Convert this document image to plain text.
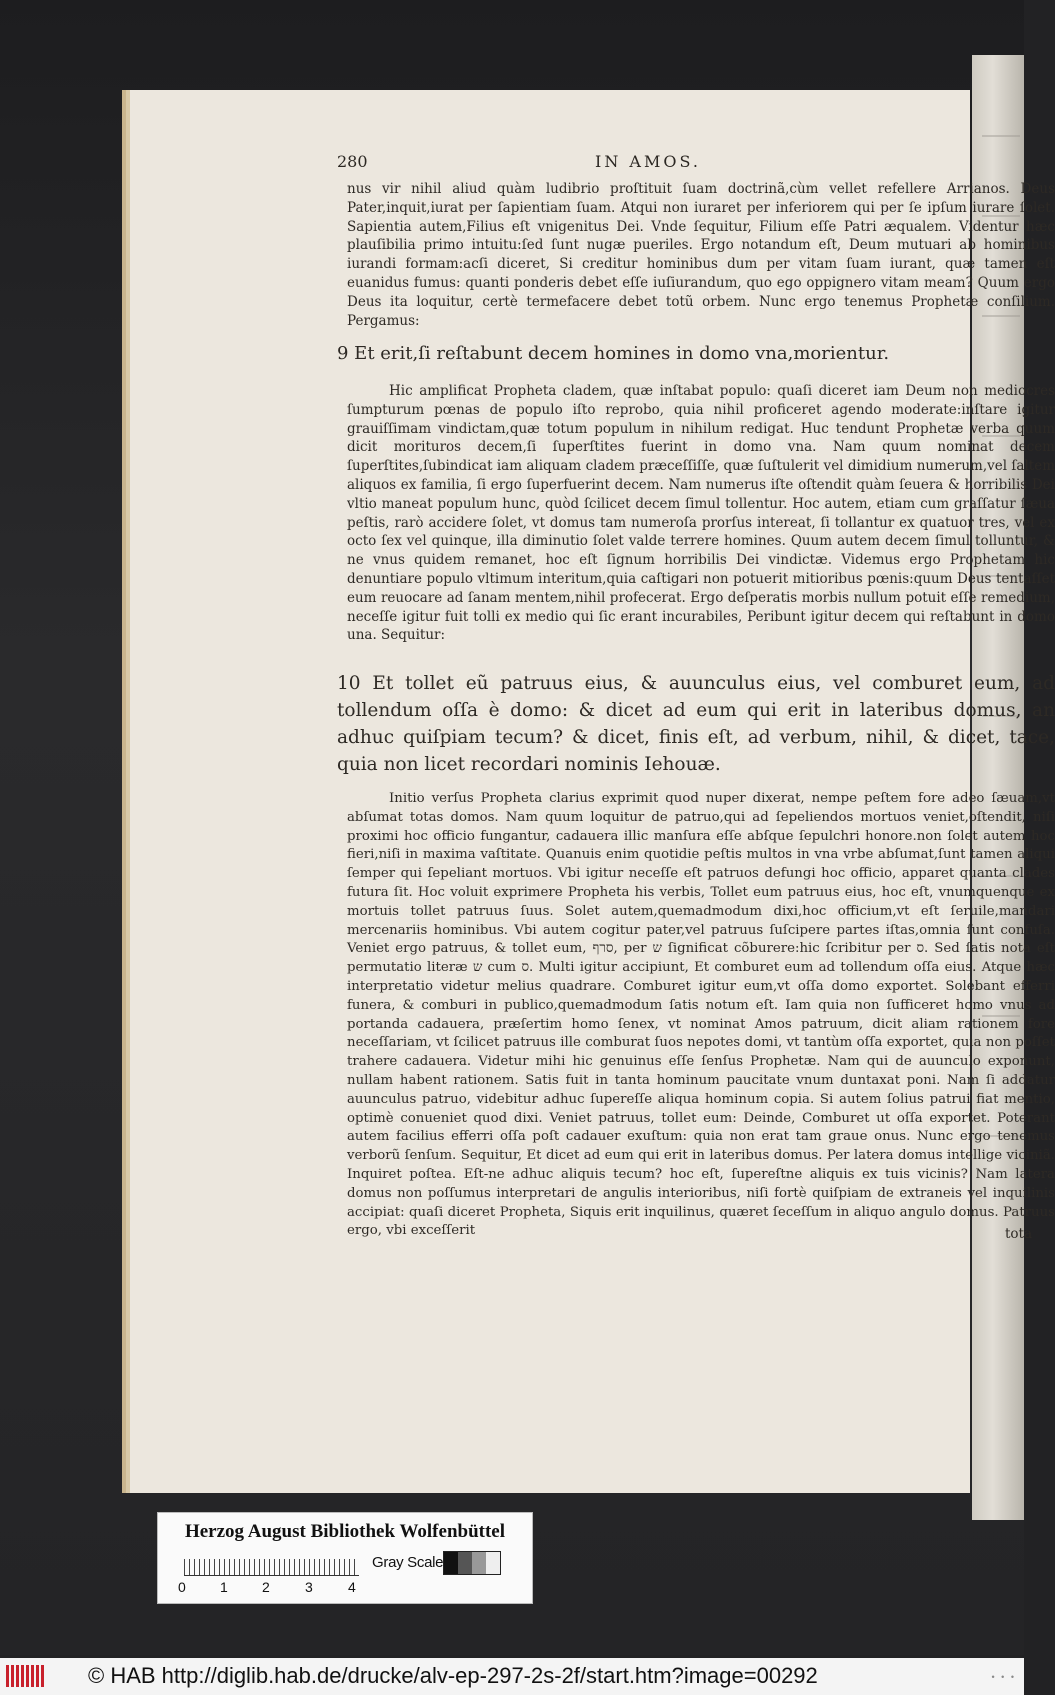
280	IN AMOS.

nus vir nihil aliud quàm ludibrio proſtituit ſuam doctrinã,cùm vellet refellere Arrianos. Deus Pater,inquit,iurat per ſapientiam ſuam. Atqui non iuraret per inferiorem qui per ſe ipſum iurare ſolet. Sapientia autem,Filius eſt vnigenitus Dei. Vnde ſequitur, Filium eſſe Patri æqualem. Videntur hæc plauſibilia primo intuitu:ſed ſunt nugæ pueriles. Ergo notandum eſt, Deum mutuari ab hominibus iurandi formam:acſi diceret, Si creditur hominibus dum per vitam ſuam iurant, quæ tamen eſt euanidus fumus: quanti ponderis debet eſſe iuſiurandum, quo ego oppignero vitam meam? Quum ergo Deus ita loquitur, certè termefacere debet totũ orbem. Nunc ergo tenemus Prophetæ conſilium. Pergamus:

9 Et erit,ſi reſtabunt decem homines in domo vna,morientur.

Hic amplificat Propheta cladem, quæ inſtabat populo: quaſi diceret iam Deum non mediocres ſumpturum pœnas de populo iſto reprobo, quia nihil proficeret agendo moderate:inſtare igitur grauiſſimam vindictam,quæ totum populum in nihilum redigat. Huc tendunt Prophetæ verba quum dicit morituros decem,ſi ſuperſtites fuerint in domo vna. Nam quum nominat decem ſuperſtites,ſubindicat iam aliquam cladem præceſſiſſe, quæ ſuſtulerit vel dimidium numerum,vel ſaltem aliquos ex familia, ſi ergo ſuperfuerint decem. Nam numerus iſte oſtendit quàm ſeuera & horribilis Dei vltio maneat populum hunc, quòd ſcilicet decem ſimul tollentur. Hoc autem, etiam cum graſſatur ſæua peſtis, rarò accidere ſolet, vt domus tam numeroſa prorſus intereat, ſi tollantur ex quatuor tres, vel ex octo ſex vel quinque, illa diminutio ſolet valde terrere homines. Quum autem decem ſimul tolluntur, & ne vnus quidem remanet, hoc eſt ſignum horribilis Dei vindictæ. Videmus ergo Prophetam hic denuntiare populo vltimum interitum,quia caſtigari non potuerit mitioribus pœnis:quum Deus tentaſſet eum reuocare ad ſanam mentem,nihil profecerat. Ergo deſperatis morbis nullum potuit eſſe remedium, neceſſe igitur fuit tolli ex medio qui ſic erant incurabiles, Peribunt igitur decem qui reſtabunt in domo una. Sequitur:

10 Et tollet eũ patruus eius, & auunculus eius, vel comburet eum, ad tollendum oſſa è domo: & dicet ad eum qui erit in lateribus domus, an adhuc quiſpiam tecum? & dicet, finis eſt, ad verbum, nihil, & dicet, tace, quia non licet recordari nominis Iehouæ.

Initio verſus Propheta clarius exprimit quod nuper dixerat, nempe peſtem fore adeo ſæuam,vt abſumat totas domos. Nam quum loquitur de patruo,qui ad ſepeliendos mortuos veniet,oſtendit, niſi proximi hoc officio fungantur, cadauera illic manſura eſſe abſque ſepulchri honore.non ſolet autem hoc fieri,niſi in maxima vaſtitate. Quanuis enim quotidie peſtis multos in vna vrbe abſumat,ſunt tamen aliqui ſemper qui ſepeliant mortuos. Vbi igitur neceſſe eſt patruos defungi hoc officio, apparet quanta clades futura ſit. Hoc voluit exprimere Propheta his verbis, Tollet eum patruus eius, hoc eſt, vnumquenque ex mortuis tollet patruus ſuus. Solet autem,quemadmodum dixi,hoc officium,vt eſt ſeruile,mandari mercenariis hominibus. Vbi autem cogitur pater,vel patruus ſuſcipere partes iſtas,omnia ſunt confuſa. Veniet ergo patruus, & tollet eum, סרף, per ש ſignificat cõburere:hic ſcribitur per ס. Sed ſatis nota eſt permutatio literæ ש cum ס. Multi igitur accipiunt, Et comburet eum ad tollendum oſſa eius. Atque hæc interpretatio videtur melius quadrare. Comburet igitur eum,vt oſſa domo exportet. Solebant efferri funera, & comburi in publico,quemadmodum ſatis notum eſt. Iam quia non ſufficeret homo vnus ad portanda cadauera, præſertim homo ſenex, vt nominat Amos patruum, dicit aliam rationem fore neceſſariam, vt ſcilicet patruus ille comburat ſuos nepotes domi, vt tantùm oſſa exportet, quia non poſſet trahere cadauera. Videtur mihi hic genuinus eſſe ſenſus Prophetæ. Nam qui de auunculo exponunt, nullam habent rationem. Satis fuit in tanta hominum paucitate vnum duntaxat poni. Nam ſi addatur auunculus patruo, videbitur adhuc ſupereſſe aliqua hominum copia. Si autem ſolius patrui fiat mentio, optimè conueniet quod dixi. Veniet patruus, tollet eum: Deinde, Comburet ut oſſa exportet. Poterant autem facilius efferri oſſa poſt cadauer exuſtum: quia non erat tam graue onus. Nunc ergo tenemus verborũ ſenſum. Sequitur, Et dicet ad eum qui erit in lateribus domus. Per latera domus intellige viciniã. Inquiret poſtea. Eſt-ne adhuc aliquis tecum? hoc eſt, ſupereſtne aliquis ex tuis vicinis? Nam latera domus non poſſumus interpretari de angulis interioribus, niſi fortè quiſpiam de extraneis vel inquilinis accipiat: quaſi diceret Propheta, Siquis erit inquilinus, quæret ſeceſſum in aliquo angulo domus. Patruus ergo, vbi exceſſerit	tota
Herzog August Bibliothek Wolfenbüttel
0 1 2	3	4
Gray Scale
© HAB http://diglib.hab.de/drucke/alv-ep-297-2s-2f/start.htm?image=00292	• • •
